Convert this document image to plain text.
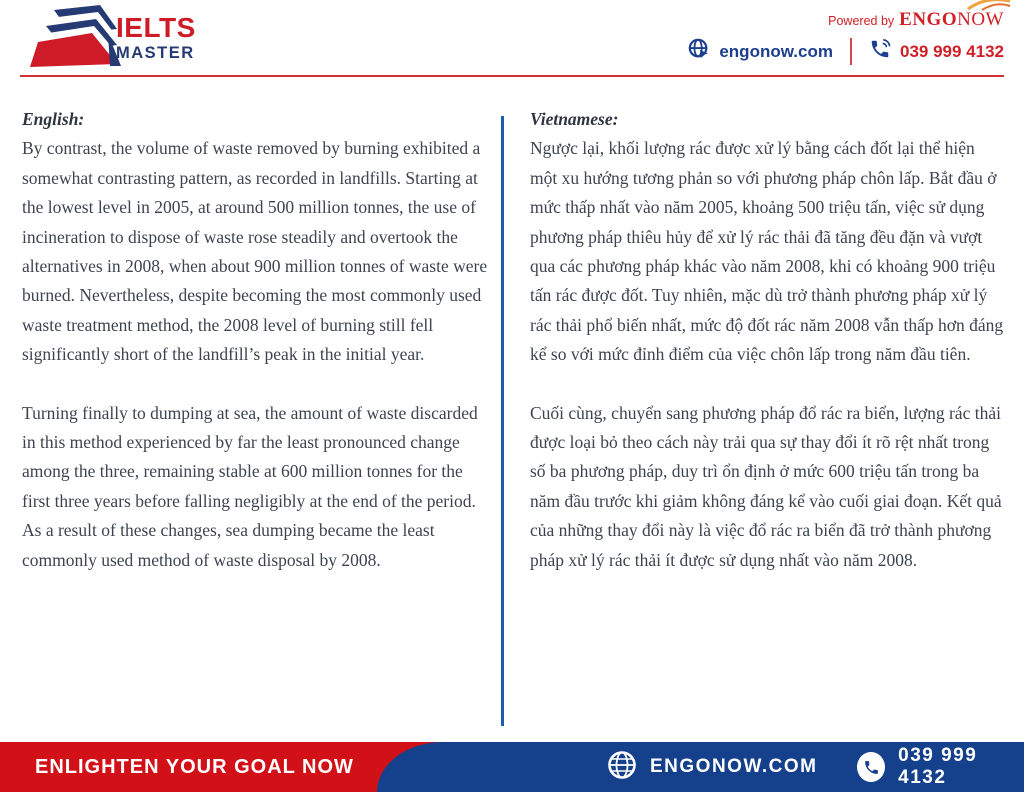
IELTS
MASTER
Powered by ENGONOW
engonow.com	039 999 4132
English:

By contrast, the volume of waste removed by burning exhibited a somewhat contrasting pattern, as recorded in landfills. Starting at the lowest level in 2005, at around 500 million tonnes, the use of incineration to dispose of waste rose steadily and overtook the alternatives in 2008, when about 900 million tonnes of waste were burned. Nevertheless, despite becoming the most commonly used waste treatment method, the 2008 level of burning still fell significantly short of the landfill’s peak in the initial year.

Turning finally to dumping at sea, the amount of waste discarded in this method experienced by far the least pronounced change among the three, remaining stable at 600 million tonnes for the first three years before falling negligibly at the end of the period. As a result of these changes, sea dumping became the least commonly used method of waste disposal by 2008.

Vietnamese:

Ngược lại, khối lượng rác được xử lý bằng cách đốt lại thể hiện một xu hướng tương phản so với phương pháp chôn lấp. Bắt đầu ở mức thấp nhất vào năm 2005, khoảng 500 triệu tấn, việc sử dụng phương pháp thiêu hủy để xử lý rác thải đã tăng đều đặn và vượt qua các phương pháp khác vào năm 2008, khi có khoảng 900 triệu tấn rác được đốt. Tuy nhiên, mặc dù trở thành phương pháp xử lý rác thải phổ biến nhất, mức độ đốt rác năm 2008 vẫn thấp hơn đáng kể so với mức đỉnh điểm của việc chôn lấp trong năm đầu tiên.

Cuối cùng, chuyển sang phương pháp đổ rác ra biển, lượng rác thải được loại bỏ theo cách này trải qua sự thay đổi ít rõ rệt nhất trong số ba phương pháp, duy trì ổn định ở mức 600 triệu tấn trong ba năm đầu trước khi giảm không đáng kể vào cuối giai đoạn. Kết quả của những thay đổi này là việc đổ rác ra biển đã trở thành phương pháp xử lý rác thải ít được sử dụng nhất vào năm 2008.

ENLIGHTEN YOUR GOAL NOW	ENGONOW.COM
039 999 4132
